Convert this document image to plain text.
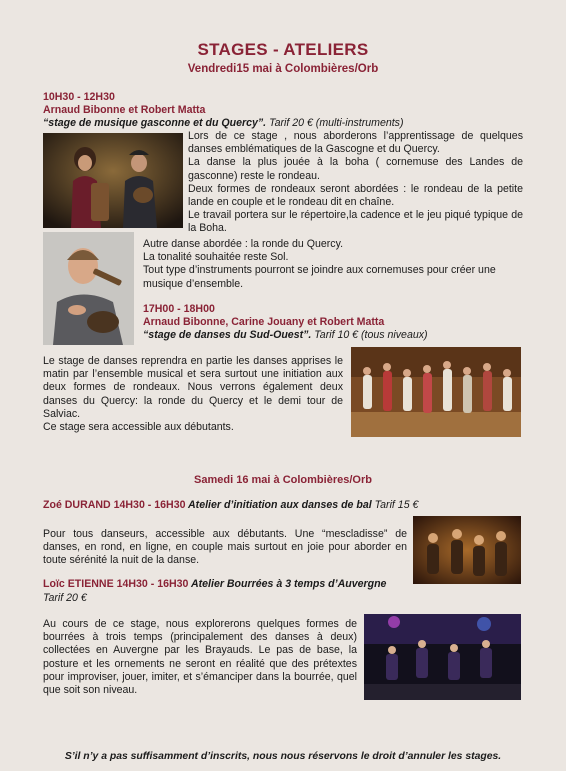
STAGES - ATELIERS
Vendredi15 mai à Colombières/Orb
10H30 - 12H30
Arnaud Bibonne et Robert Matta
“stage de musique gasconne et du Quercy”. Tarif 20 € (multi-instruments)
Lors de ce stage , nous aborderons l’apprentissage de quelques danses emblématiques de la Gascogne et du Quercy.
La danse la plus jouée à la boha ( cornemuse des Landes de gasconne) reste le rondeau.
Deux formes de rondeaux seront abordées : le rondeau de la petite lande en couple et le rondeau dit en chaîne.
Le travail portera sur le répertoire,la cadence et le jeu piqué typique de la Boha.
Autre danse abordée : la ronde du Quercy.
La tonalité souhaitée reste Sol.
Tout type d’instruments pourront se joindre aux cornemuses pour créer une musique d’ensemble.
17H00 - 18H00
Arnaud Bibonne, Carine Jouany et Robert Matta
“stage de danses du Sud-Ouest”. Tarif 10 € (tous niveaux)
Le stage de danses reprendra en partie les danses apprises le matin par l’ensemble musical et sera surtout une initiation aux deux formes de rondeaux. Nous verrons également deux danses du Quercy: la ronde du Quercy et le demi tour de Salviac.
Ce stage sera accessible aux débutants.
Samedi 16 mai à Colombières/Orb
Zoé DURAND 14H30 - 16H30 Atelier d’initiation aux danses de bal Tarif 15 €
Pour tous danseurs, accessible aux débutants. Une “mescladisse” de danses, en rond, en ligne, en couple mais surtout en joie pour aborder en toute sérénité la nuit de la danse.
Loïc ETIENNE 14H30 - 16H30 Atelier Bourrées à 3 temps d’Auvergne
Tarif 20 €
Au cours de ce stage, nous explorerons quelques formes de bourrées à trois temps (principalement des danses à deux) collectées en Auvergne par les Brayauds. Le pas de base, la posture et les ornements ne seront en réalité que des prétextes pour improviser, jouer, imiter, et s’émanciper dans la bourrée, quel que soit son niveau.
S’il n’y a pas suffisamment d’inscrits, nous nous réservons le droit d’annuler les stages.
